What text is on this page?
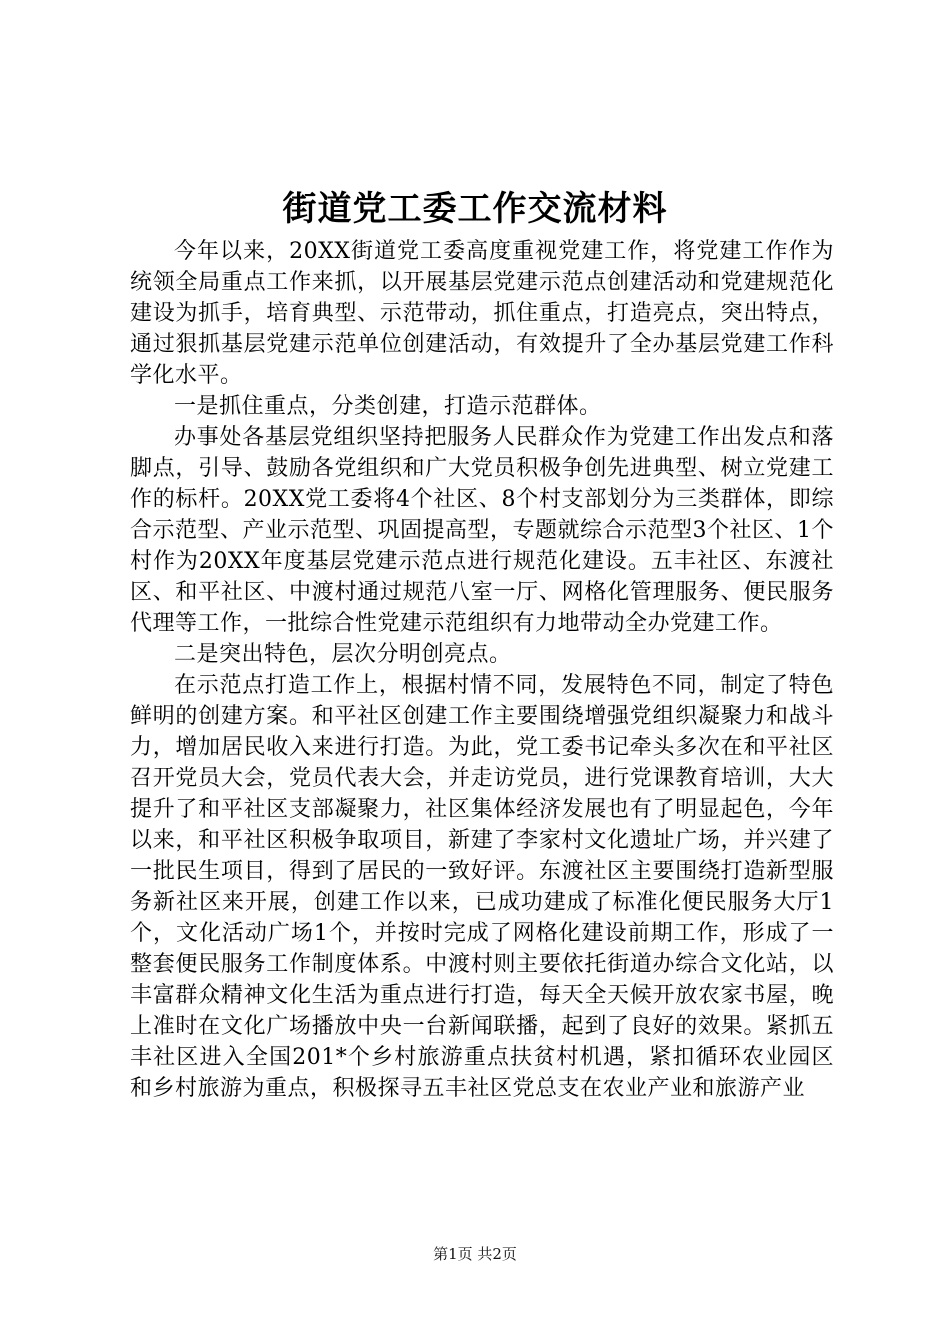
街道党工委工作交流材料

今年以来，20XX街道党工委高度重视党建工作，将党建工作作为统领全局重点工作来抓，以开展基层党建示范点创建活动和党建规范化建设为抓手，培育典型、示范带动，抓住重点，打造亮点，突出特点，通过狠抓基层党建示范单位创建活动，有效提升了全办基层党建工作科学化水平。

一是抓住重点，分类创建，打造示范群体。

办事处各基层党组织坚持把服务人民群众作为党建工作出发点和落脚点，引导、鼓励各党组织和广大党员积极争创先进典型、树立党建工作的标杆。20XX党工委将4个社区、8个村支部划分为三类群体，即综合示范型、产业示范型、巩固提高型，专题就综合示范型3个社区、1个村作为20XX年度基层党建示范点进行规范化建设。五丰社区、东渡社区、和平社区、中渡村通过规范八室一厅、网格化管理服务、便民服务代理等工作，一批综合性党建示范组织有力地带动全办党建工作。

二是突出特色，层次分明创亮点。

在示范点打造工作上，根据村情不同，发展特色不同，制定了特色鲜明的创建方案。和平社区创建工作主要围绕增强党组织凝聚力和战斗力，增加居民收入来进行打造。为此，党工委书记牵头多次在和平社区召开党员大会，党员代表大会，并走访党员，进行党课教育培训，大大提升了和平社区支部凝聚力，社区集体经济发展也有了明显起色，今年以来，和平社区积极争取项目，新建了李家村文化遗址广场，并兴建了一批民生项目，得到了居民的一致好评。东渡社区主要围绕打造新型服务新社区来开展，创建工作以来，已成功建成了标准化便民服务大厅1个，文化活动广场1个，并按时完成了网格化建设前期工作，形成了一整套便民服务工作制度体系。中渡村则主要依托街道办综合文化站，以丰富群众精神文化生活为重点进行打造，每天全天候开放农家书屋，晚上准时在文化广场播放中央一台新闻联播，起到了良好的效果。紧抓五丰社区进入全国201*个乡村旅游重点扶贫村机遇，紧扣循环农业园区和乡村旅游为重点，积极探寻五丰社区党总支在农业产业和旅游产业

第1页 共2页
